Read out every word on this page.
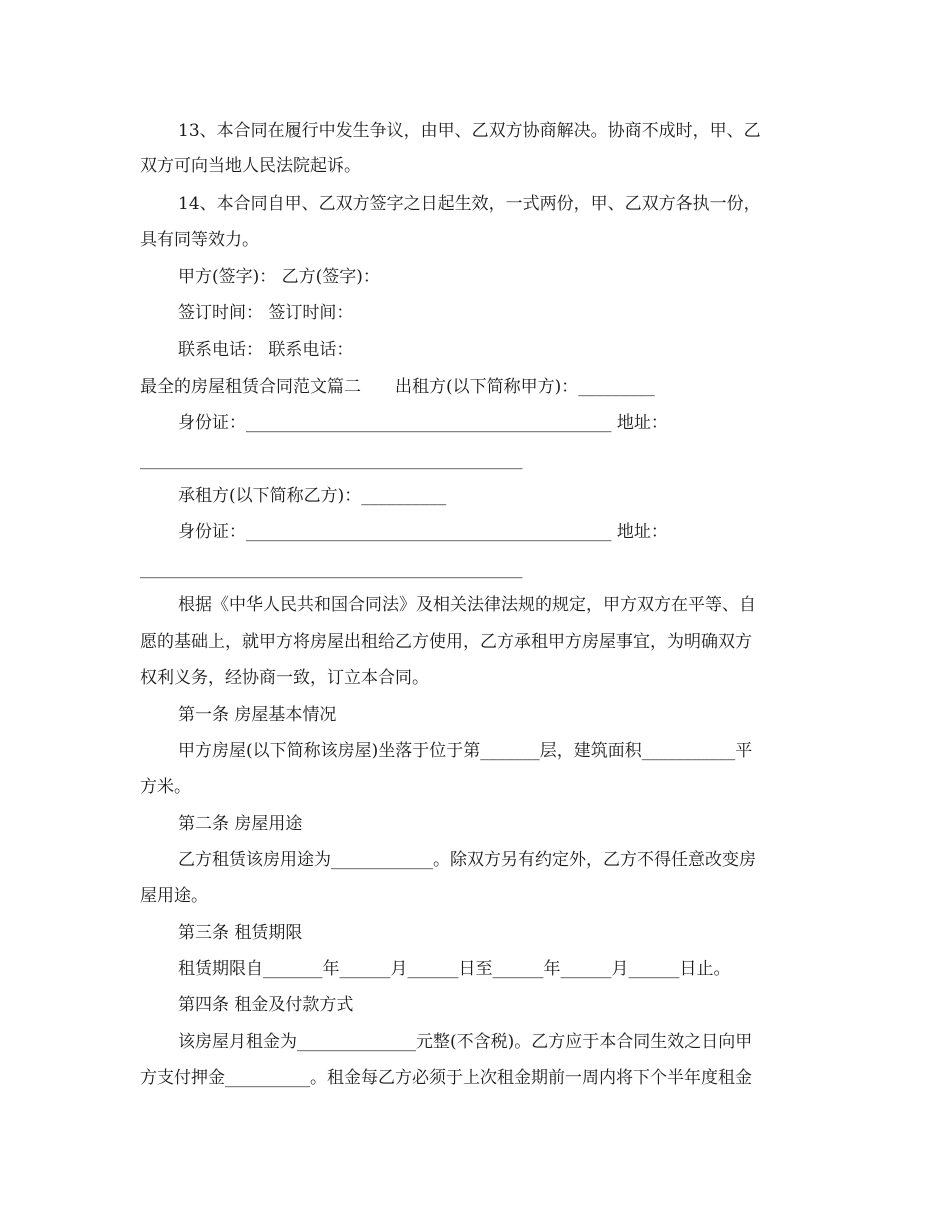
13、本合同在履行中发生争议，由甲、乙双方协商解决。协商不成时，甲、乙
双方可向当地人民法院起诉。
14、本合同自甲、乙双方签字之日起生效，一式两份，甲、乙双方各执一份，
具有同等效力。
甲方(签字)： 乙方(签字)：
签订时间： 签订时间：
联系电话： 联系电话：
最全的房屋租赁合同范文篇二　　出租方(以下简称甲方)：_________
身份证：___________________________________________ 地址：
_____________________________________________
承租方(以下简称乙方)：__________
身份证：___________________________________________ 地址：
_____________________________________________
根据《中华人民共和国合同法》及相关法律法规的规定，甲方双方在平等、自
愿的基础上，就甲方将房屋出租给乙方使用，乙方承租甲方房屋事宜，为明确双方
权利义务，经协商一致，订立本合同。
第一条 房屋基本情况
甲方房屋(以下简称该房屋)坐落于位于第_______层，建筑面积___________平
方米。
第二条 房屋用途
乙方租赁该房用途为____________。除双方另有约定外，乙方不得任意改变房
屋用途。
第三条 租赁期限
租赁期限自_______年______月______日至______年______月______日止。
第四条 租金及付款方式
该房屋月租金为______________元整(不含税)。乙方应于本合同生效之日向甲
方支付押金__________。租金每乙方必须于上次租金期前一周内将下个半年度租金
